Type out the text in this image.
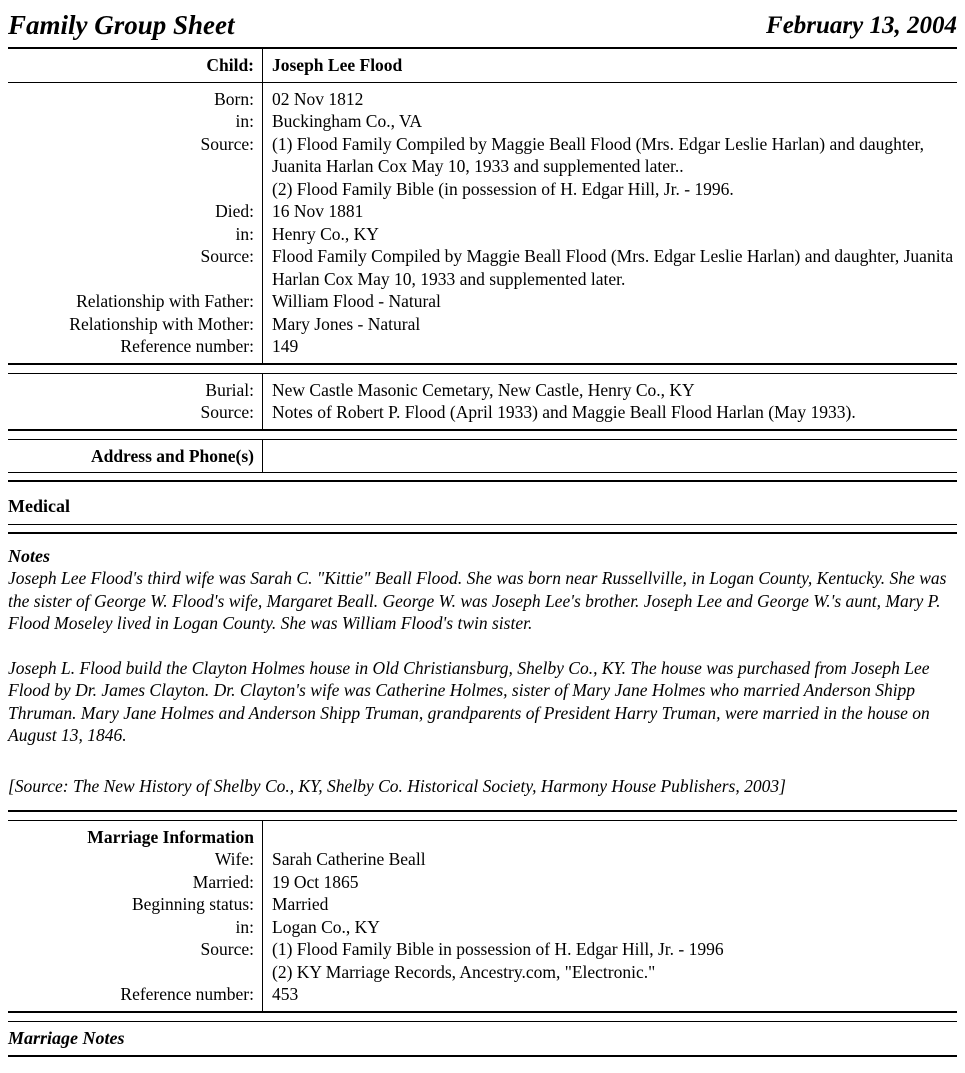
Family Group Sheet	February 13, 2004
Child:	Joseph Lee Flood
Born:	02 Nov 1812
in:	Buckingham Co., VA
Source:	(1) Flood Family Compiled by Maggie Beall Flood (Mrs. Edgar Leslie Harlan) and daughter, Juanita Harlan Cox May 10, 1933 and supplemented later..
(2) Flood Family Bible (in possession of H. Edgar Hill, Jr. - 1996.
Died:	16 Nov 1881
in:	Henry Co., KY
Source:	Flood Family Compiled by Maggie Beall Flood (Mrs. Edgar Leslie Harlan) and daughter, Juanita Harlan Cox May 10, 1933 and supplemented later.
Relationship with Father:	William Flood - Natural
Relationship with Mother:	Mary Jones - Natural
Reference number:	149
Burial:	New Castle Masonic Cemetary, New Castle, Henry Co., KY
Source:	Notes of Robert P. Flood (April 1933) and Maggie Beall Flood Harlan (May 1933).
Address and Phone(s)
Medical
Notes

Joseph Lee Flood's third wife was Sarah C. "Kittie" Beall Flood. She was born near Russellville, in Logan County, Kentucky. She was the sister of George W. Flood's wife, Margaret Beall. George W. was Joseph Lee's brother. Joseph Lee and George W.'s aunt, Mary P. Flood Moseley lived in Logan County. She was William Flood's twin sister.

Joseph L. Flood build the Clayton Holmes house in Old Christiansburg, Shelby Co., KY. The house was purchased from Joseph Lee Flood by Dr. James Clayton. Dr. Clayton's wife was Catherine Holmes, sister of Mary Jane Holmes who married Anderson Shipp Thruman. Mary Jane Holmes and Anderson Shipp Truman, grandparents of President Harry Truman, were married in the house on August 13, 1846.

[Source: The New History of Shelby Co., KY, Shelby Co. Historical Society, Harmony House Publishers, 2003]

Marriage Information
Wife:	Sarah Catherine Beall
Married:	19 Oct 1865
Beginning status:	Married
in:	Logan Co., KY
Source:	(1) Flood Family Bible in possession of H. Edgar Hill, Jr. - 1996
(2) KY Marriage Records, Ancestry.com, "Electronic."
Reference number:	453
Marriage Notes
